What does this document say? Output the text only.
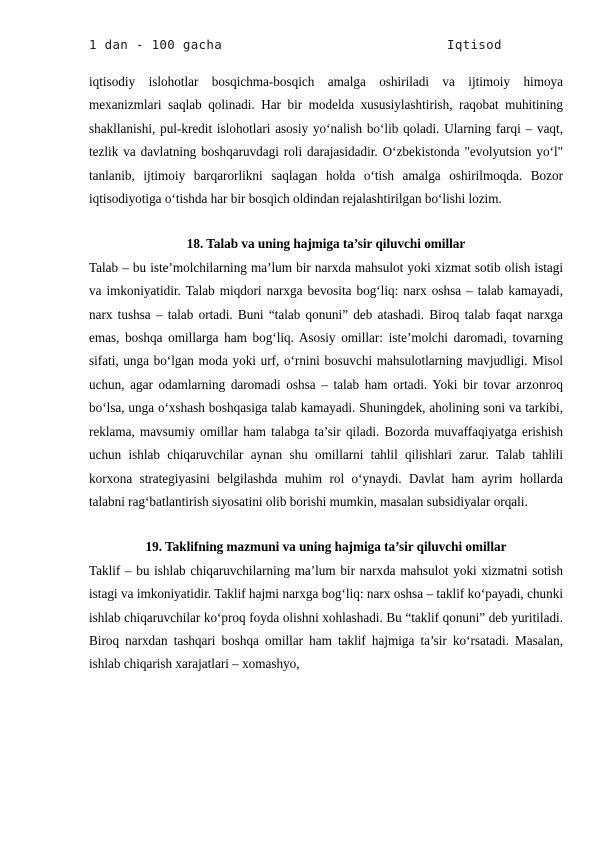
1 dan - 100 gacha	Iqtisod

iqtisodiy islohotlar bosqichma-bosqich amalga oshiriladi va ijtimoiy himoya mexanizmlari saqlab qolinadi. Har bir modelda xususiylashtirish, raqobat muhitining shakllanishi, pul-kredit islohotlari asosiy yo‘nalish bo‘lib qoladi. Ularning farqi – vaqt, tezlik va davlatning boshqaruvdagi roli darajasidadir. O‘zbekistonda "evolyutsion yo‘l" tanlanib, ijtimoiy barqarorlikni saqlagan holda o‘tish amalga oshirilmoqda. Bozor iqtisodiyotiga o‘tishda har bir bosqich oldindan rejalashtirilgan bo‘lishi lozim.

18. Talab va uning hajmiga ta’sir qiluvchi omillar

Talab – bu iste’molchilarning ma’lum bir narxda mahsulot yoki xizmat sotib olish istagi va imkoniyatidir. Talab miqdori narxga bevosita bog‘liq: narx oshsa – talab kamayadi, narx tushsa – talab ortadi. Buni “talab qonuni” deb atashadi. Biroq talab faqat narxga emas, boshqa omillarga ham bog‘liq. Asosiy omillar: iste’molchi daromadi, tovarning sifati, unga bo‘lgan moda yoki urf, o‘rnini bosuvchi mahsulotlarning mavjudligi. Misol uchun, agar odamlarning daromadi oshsa – talab ham ortadi. Yoki bir tovar arzonroq bo‘lsa, unga o‘xshash boshqasiga talab kamayadi. Shuningdek, aholining soni va tarkibi, reklama, mavsumiy omillar ham talabga ta’sir qiladi. Bozorda muvaffaqiyatga erishish uchun ishlab chiqaruvchilar aynan shu omillarni tahlil qilishlari zarur. Talab tahlili korxona strategiyasini belgilashda muhim rol o‘ynaydi. Davlat ham ayrim hollarda talabni rag‘batlantirish siyosatini olib borishi mumkin, masalan subsidiyalar orqali.

19. Taklifning mazmuni va uning hajmiga ta’sir qiluvchi omillar

Taklif – bu ishlab chiqaruvchilarning ma’lum bir narxda mahsulot yoki xizmatni sotish istagi va imkoniyatidir. Taklif hajmi narxga bog‘liq: narx oshsa – taklif ko‘payadi, chunki ishlab chiqaruvchilar ko‘proq foyda olishni xohlashadi. Bu “taklif qonuni” deb yuritiladi. Biroq narxdan tashqari boshqa omillar ham taklif hajmiga ta’sir ko‘rsatadi. Masalan, ishlab chiqarish xarajatlari – xomashyo,
